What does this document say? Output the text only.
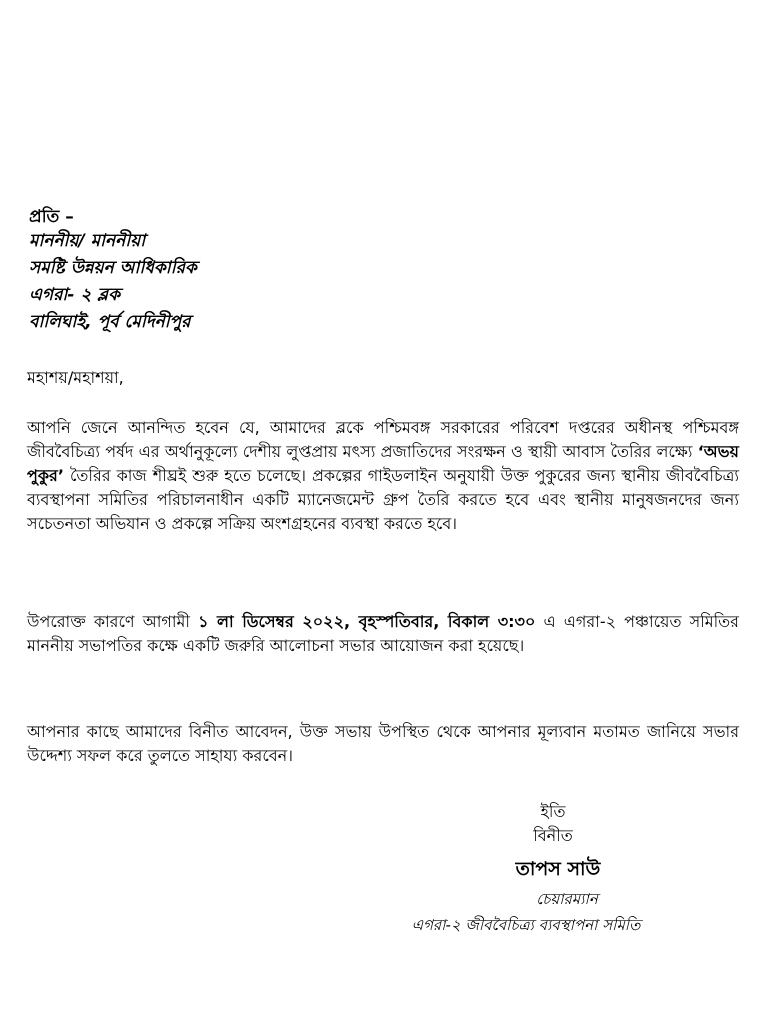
প্রতি –
মাননীয়/ মাননীয়া
সমষ্টি উন্নয়ন আধিকারিক
এগরা- ২ ব্লক
বালিঘাই, পূর্ব মেদিনীপুর
মহাশয়/মহাশয়া,
আপনি জেনে আনন্দিত হবেন যে, আমাদের ব্লকে পশ্চিমবঙ্গ সরকারের পরিবেশ দপ্তরের অধীনস্থ পশ্চিমবঙ্গ জীববৈচিত্র্য পর্ষদ এর অর্থানুকূল্যে দেশীয় লুপ্তপ্রায় মৎস্য প্রজাতিদের সংরক্ষন ও স্থায়ী আবাস তৈরির লক্ষ্যে ‘অভয় পুকুর’ তৈরির কাজ শীঘ্রই শুরু হতে চলেছে। প্রকল্পের গাইডলাইন অনুযায়ী উক্ত পুকুরের জন্য স্থানীয় জীববৈচিত্র্য ব্যবস্থাপনা সমিতির পরিচালনাধীন একটি ম্যানেজমেন্ট গ্রুপ তৈরি করতে হবে এবং স্থানীয় মানুষজনদের জন্য সচেতনতা অভিযান ও প্রকল্পে সক্রিয় অংশগ্রহনের ব্যবস্থা করতে হবে।
উপরোক্ত কারণে আগামী ১ লা ডিসেম্বর ২০২২, বৃহস্পতিবার, বিকাল ৩:৩০ এ এগরা-২ পঞ্চায়েত সমিতির মাননীয় সভাপতির কক্ষে একটি জরুরি আলোচনা সভার আয়োজন করা হয়েছে।
আপনার কাছে আমাদের বিনীত আবেদন, উক্ত সভায় উপস্থিত থেকে আপনার মূল্যবান মতামত জানিয়ে সভার উদ্দেশ্য সফল করে তুলতে সাহায্য করবেন।
ইতি
বিনীত
তাপস সাউ
চেয়ারম্যান
এগরা-২ জীববৈচিত্র্য ব্যবস্থাপনা সমিতি
